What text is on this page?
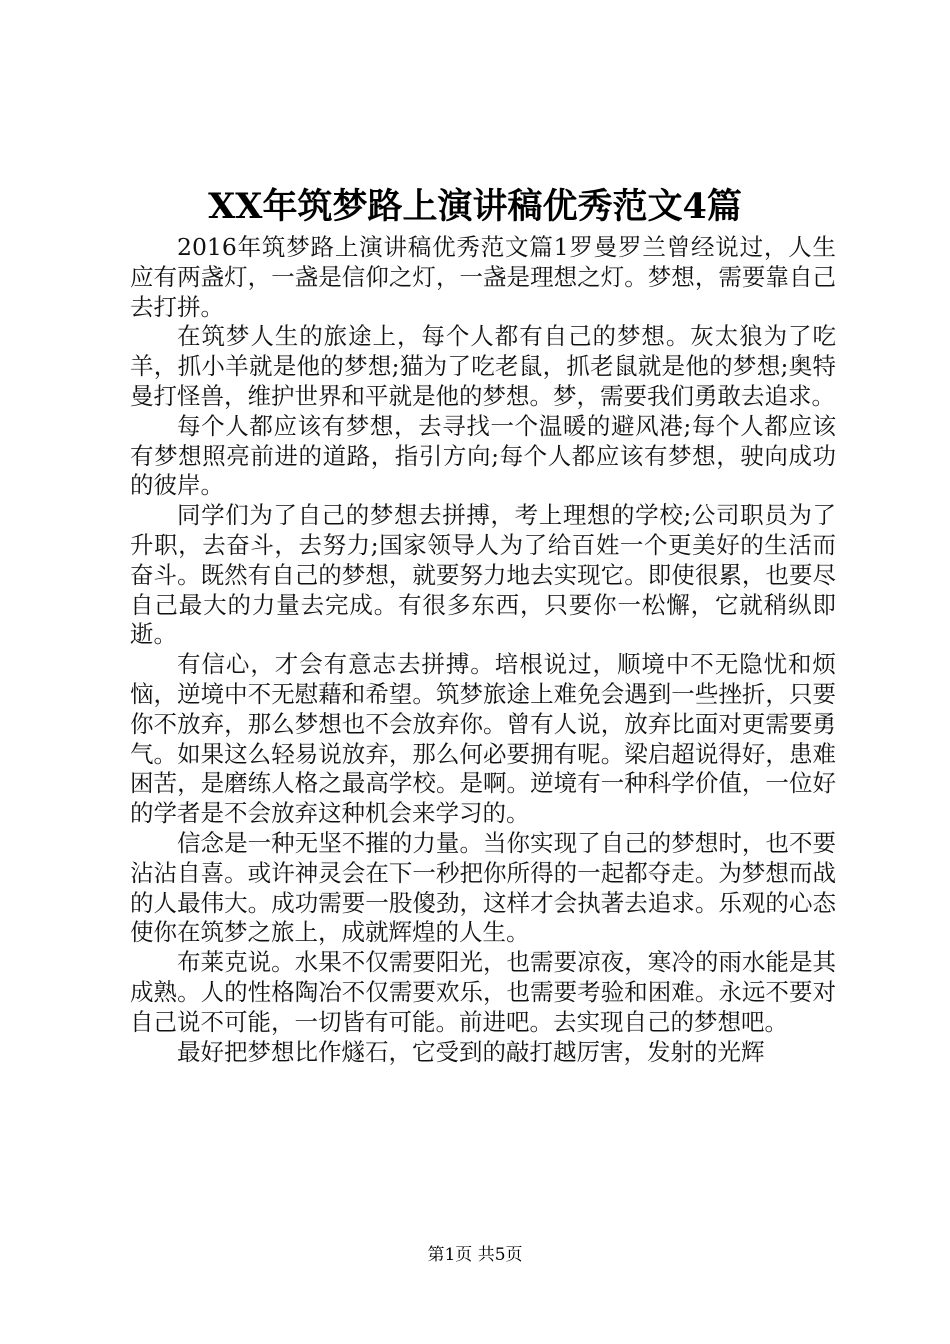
XX年筑梦路上演讲稿优秀范文4篇

2016年筑梦路上演讲稿优秀范文篇1罗曼罗兰曾经说过，人生应有两盏灯，一盏是信仰之灯，一盏是理想之灯。梦想，需要靠自己去打拼。

在筑梦人生的旅途上，每个人都有自己的梦想。灰太狼为了吃羊，抓小羊就是他的梦想;猫为了吃老鼠，抓老鼠就是他的梦想;奥特曼打怪兽，维护世界和平就是他的梦想。梦，需要我们勇敢去追求。

每个人都应该有梦想，去寻找一个温暖的避风港;每个人都应该有梦想照亮前进的道路，指引方向;每个人都应该有梦想，驶向成功的彼岸。

同学们为了自己的梦想去拼搏，考上理想的学校;公司职员为了升职，去奋斗，去努力;国家领导人为了给百姓一个更美好的生活而奋斗。既然有自己的梦想，就要努力地去实现它。即使很累，也要尽自己最大的力量去完成。有很多东西，只要你一松懈，它就稍纵即逝。

有信心，才会有意志去拼搏。培根说过，顺境中不无隐忧和烦恼，逆境中不无慰藉和希望。筑梦旅途上难免会遇到一些挫折，只要你不放弃，那么梦想也不会放弃你。曾有人说，放弃比面对更需要勇气。如果这么轻易说放弃，那么何必要拥有呢。梁启超说得好，患难困苦，是磨练人格之最高学校。是啊。逆境有一种科学价值，一位好的学者是不会放弃这种机会来学习的。

信念是一种无坚不摧的力量。当你实现了自己的梦想时，也不要沾沾自喜。或许神灵会在下一秒把你所得的一起都夺走。为梦想而战的人最伟大。成功需要一股傻劲，这样才会执著去追求。乐观的心态使你在筑梦之旅上，成就辉煌的人生。

布莱克说。水果不仅需要阳光，也需要凉夜，寒冷的雨水能是其成熟。人的性格陶冶不仅需要欢乐，也需要考验和困难。永远不要对自己说不可能，一切皆有可能。前进吧。去实现自己的梦想吧。

最好把梦想比作燧石，它受到的敲打越厉害，发射的光辉

第1页 共5页
